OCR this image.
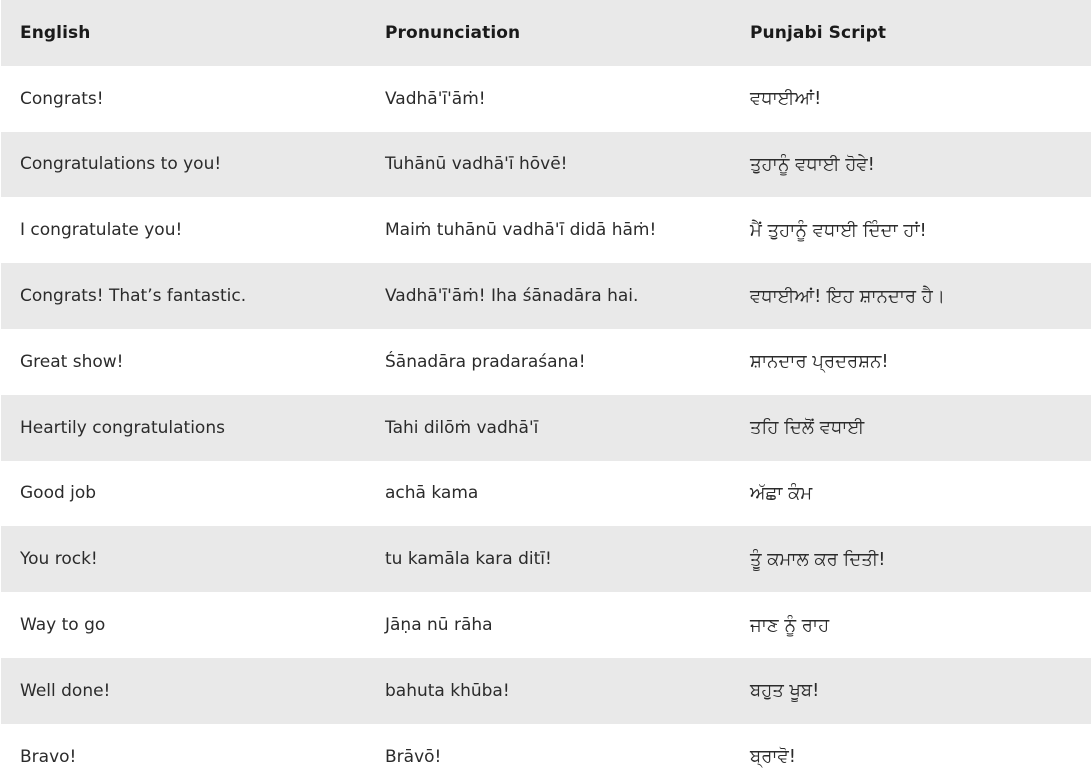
English	Pronunciation	Punjabi Script
Congrats!	Vadhā'ī'āṁ!	ਵਧਾਈਆਂ!
Congratulations to you!	Tuhānū vadhā'ī hōvē!	ਤੁਹਾਨੂੰ ਵਧਾਈ ਹੋਵੇ!
I congratulate you!	Maiṁ tuhānū vadhā'ī didā hāṁ!	ਮੈਂ ਤੁਹਾਨੂੰ ਵਧਾਈ ਦਿੰਦਾ ਹਾਂ!
Congrats! That’s fantastic.	Vadhā'ī'āṁ! Iha śānadāra hai.	ਵਧਾਈਆਂ! ਇਹ ਸ਼ਾਨਦਾਰ ਹੈ।
Great show!	Śānadāra pradaraśana!	ਸ਼ਾਨਦਾਰ ਪ੍ਰਦਰਸ਼ਨ!
Heartily congratulations	Tahi dilōṁ vadhā'ī	ਤਹਿ ਦਿਲੋਂ ਵਧਾਈ
Good job	achā kama	ਅੱਛਾ ਕੰਮ
You rock!	tu kamāla kara ditī!	ਤੂੰ ਕਮਾਲ ਕਰ ਦਿਤੀ!
Way to go	Jāṇa nū rāha	ਜਾਣ ਨੂੰ ਰਾਹ
Well done!	bahuta khūba!	ਬਹੁਤ ਖੂਬ!
Bravo!	Brāvō!	ਬ੍ਰਾਵੋ!
